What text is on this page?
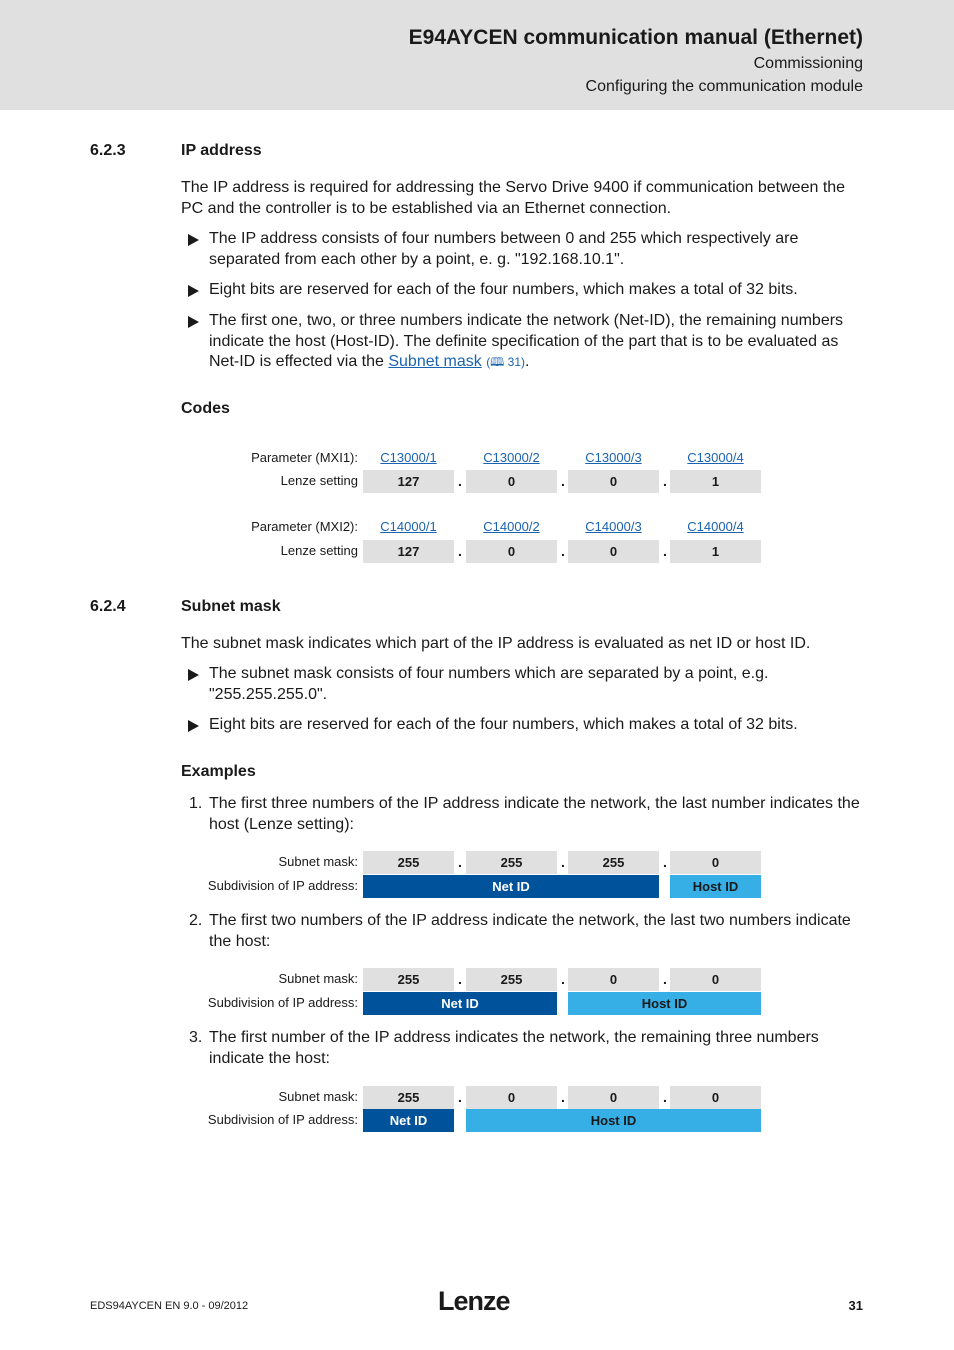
E94AYCEN communication manual (Ethernet)
Commissioning
Configuring the communication module
6.2.3	IP address
The IP address is required for addressing the Servo Drive 9400 if communication between the PC and the controller is to be established via an Ethernet connection.
The IP address consists of four numbers between 0 and 255 which respectively are separated from each other by a point, e. g. "192.168.10.1".
Eight bits are reserved for each of the four numbers, which makes a total of 32 bits.
The first one, two, or three numbers indicate the network (Net-ID), the remaining numbers indicate the host (Host-ID). The definite specification of the part that is to be evaluated as Net-ID is effected via the Subnet mask (🕮 31).
Codes
Parameter (MXI1):	C13000/1	C13000/2	C13000/3	C13000/4
Lenze setting	127	.	0	.	0	.	1
Parameter (MXI2):	C14000/1	C14000/2	C14000/3	C14000/4
Lenze setting	127	.	0	.	0	.	1
6.2.4	Subnet mask
The subnet mask indicates which part of the IP address is evaluated as net ID or host ID.
The subnet mask consists of four numbers which are separated by a point, e.g. "255.255.255.0".
Eight bits are reserved for each of the four numbers, which makes a total of 32 bits.
Examples
1. The first three numbers of the IP address indicate the network, the last number indicates the host (Lenze setting):
Subnet mask:	255	.	255	.	255	.	0
Subdivision of IP address:	Net ID	Host ID
2. The first two numbers of the IP address indicate the network, the last two numbers indicate the host:
Subnet mask:	255	.	255	.	0	.	0
Subdivision of IP address:	Net ID	Host ID
3. The first number of the IP address indicates the network, the remaining three numbers indicate the host:
Subnet mask:	255	.	0	.	0	.	0
Subdivision of IP address:	Net ID	Host ID
EDS94AYCEN EN 9.0 - 09/2012	Lenze	31
